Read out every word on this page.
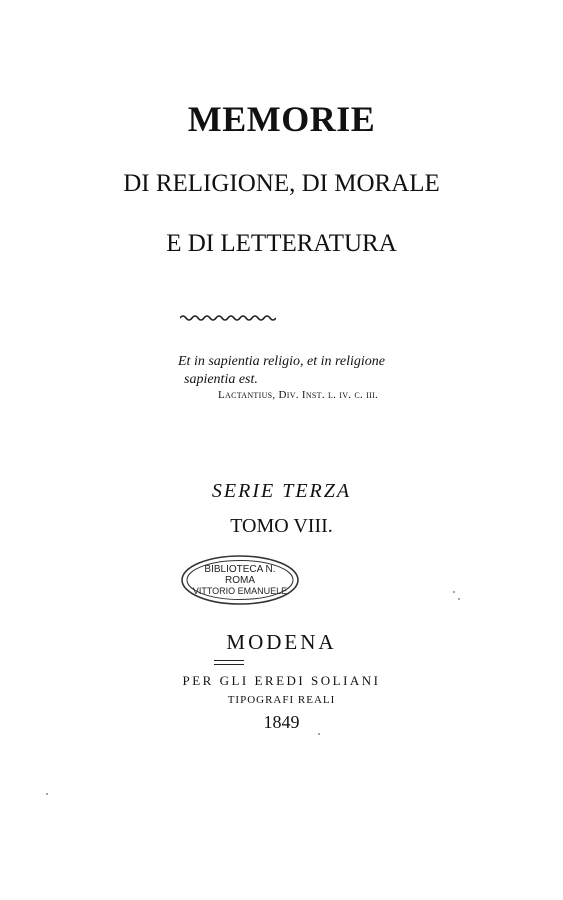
MEMORIE
DI RELIGIONE, DI MORALE
E DI LETTERATURA
Et in sapientia religio, et in religione
sapientia est.
Lactantius, Div. Inst. l. iv. c. iii.
SERIE TERZA
TOMO VIII.
BIBLIOTECA N.
ROMA
VITTORIO EMANUELE
MODENA
PER GLI EREDI SOLIANI
TIPOGRAFI REALI
1849
